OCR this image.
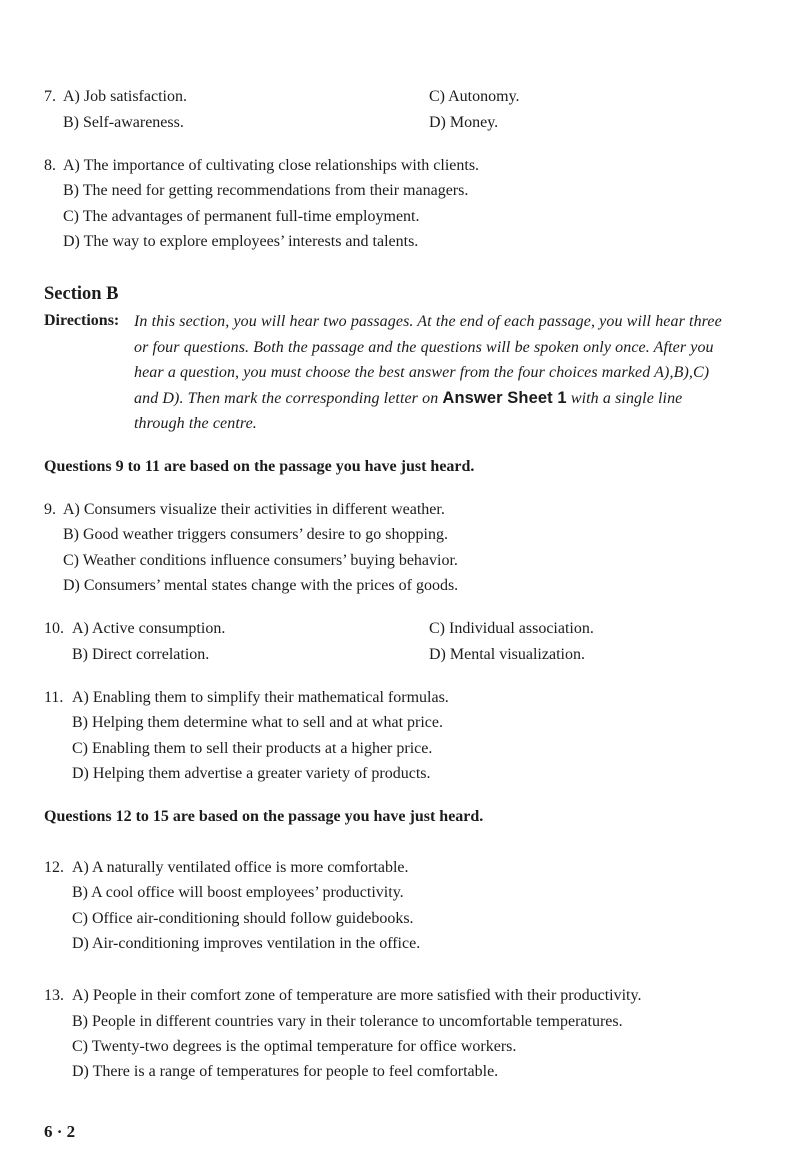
7. A) Job satisfaction.
B) Self-awareness.
C) Autonomy.
D) Money.
8. A) The importance of cultivating close relationships with clients.
B) The need for getting recommendations from their managers.
C) The advantages of permanent full-time employment.
D) The way to explore employees’ interests and talents.
Section B
Directions: In this section, you will hear two passages. At the end of each passage, you will hear three
or four questions. Both the passage and the questions will be spoken only once. After you
hear a question, you must choose the best answer from the four choices marked A),B),C)
and D). Then mark the corresponding letter on Answer Sheet 1 with a single line
through the centre.
Questions 9 to 11 are based on the passage you have just heard.
9. A) Consumers visualize their activities in different weather.
B) Good weather triggers consumers’ desire to go shopping.
C) Weather conditions influence consumers’ buying behavior.
D) Consumers’ mental states change with the prices of goods.
10. A) Active consumption.
B) Direct correlation.
C) Individual association.
D) Mental visualization.
11. A) Enabling them to simplify their mathematical formulas.
B) Helping them determine what to sell and at what price.
C) Enabling them to sell their products at a higher price.
D) Helping them advertise a greater variety of products.
Questions 12 to 15 are based on the passage you have just heard.
12. A) A naturally ventilated office is more comfortable.
B) A cool office will boost employees’ productivity.
C) Office air-conditioning should follow guidebooks.
D) Air-conditioning improves ventilation in the office.
13. A) People in their comfort zone of temperature are more satisfied with their productivity.
B) People in different countries vary in their tolerance to uncomfortable temperatures.
C) Twenty-two degrees is the optimal temperature for office workers.
D) There is a range of temperatures for people to feel comfortable.
6 · 2
